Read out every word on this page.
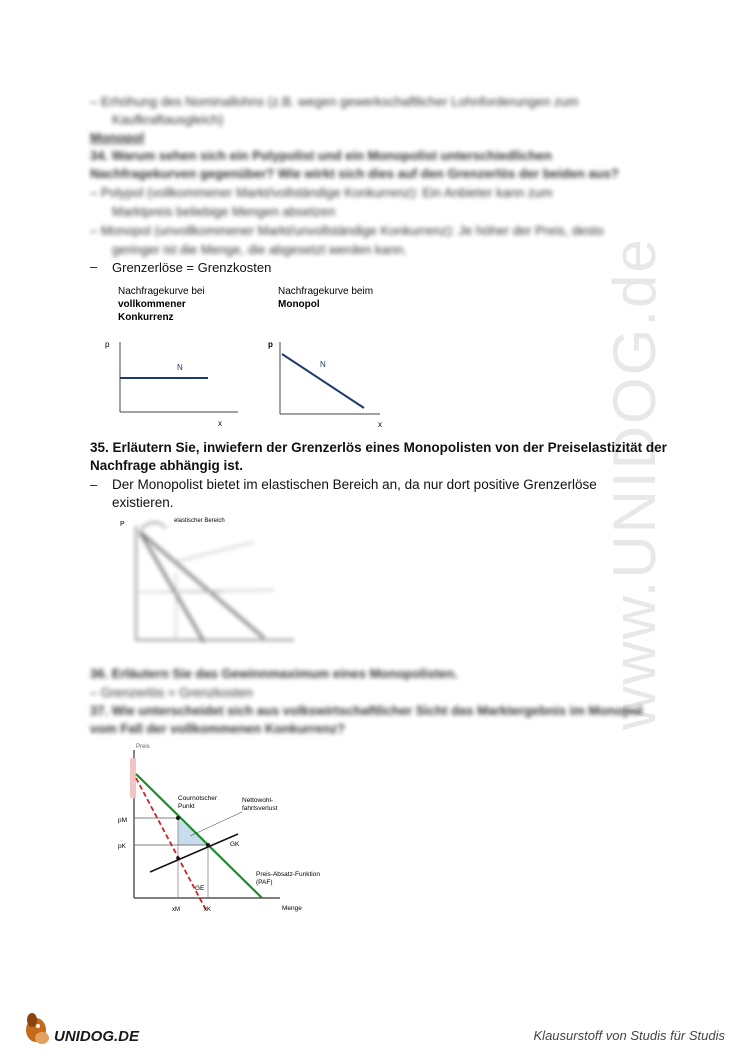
www.UNIDOG.de
– Erhöhung des Nominallohns (z.B. wegen gewerkschaftlicher Lohnforderungen zum
Kaufkraftausgleich)
Monopol
34. Warum sehen sich ein Polypolist und ein Monopolist unterschiedlichen
Nachfragekurven gegenüber? Wie wirkt sich dies auf den Grenzerlös der beiden aus?
– Polypol (vollkommener Markt/vollständige Konkurrenz): Ein Anbieter kann zum
Marktpreis beliebige Mengen absetzen
– Monopol (unvollkommener Markt/unvollständige Konkurrenz): Je höher der Preis, desto
geringer ist die Menge, die abgesetzt werden kann.
– Grenzerlöse = Grenzkosten
Nachfragekurve bei
vollkommener
Konkurrenz
Nachfragekurve beim
Monopol
p
N
x
p
N
x
35. Erläutern Sie, inwiefern der Grenzerlös eines Monopolisten von der Preiselastizität der
Nachfrage abhängig ist.
– Der Monopolist bietet im elastischen Bereich an, da nur dort positive Grenzerlöse
existieren.
P	elastischer Bereich
36. Erläutern Sie das Gewinnmaximum eines Monopolisten.
– Grenzerlös = Grenzkosten
37. Wie unterscheidet sich aus volkswirtschaftlicher Sicht das Marktergebnis im Monopol
vom Fall der vollkommenen Konkurrenz?
Preis
Cournotscher
Punkt
Nettowohl-
fahrtsverlust
GK
GE
Preis-Absatz-Funktion
(PAF)
pM
pK
xM	xK	Menge
UNIDOG.DE	Klausurstoff von Studis für Studis
